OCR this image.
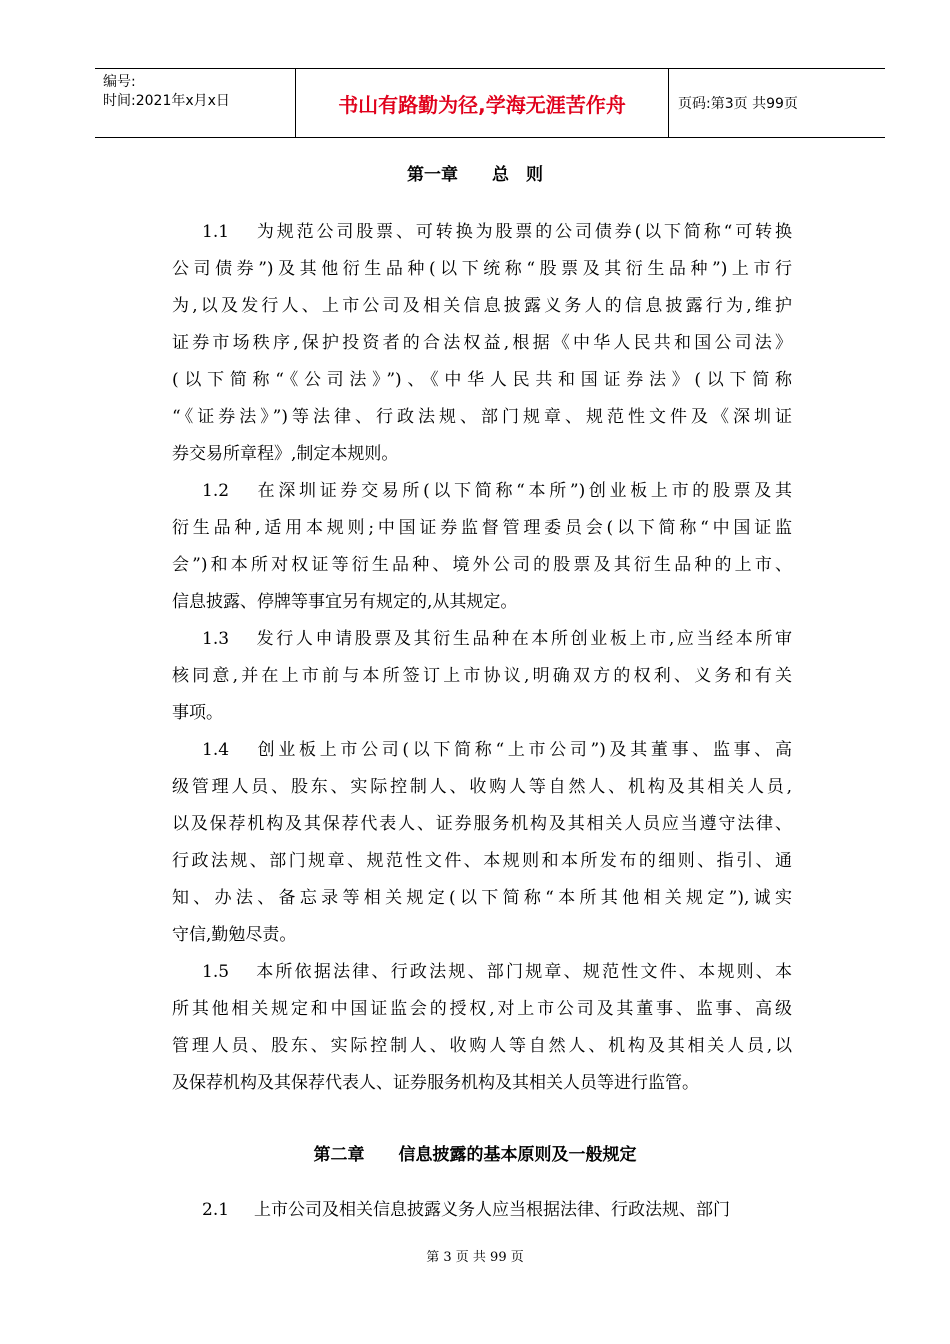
编号:
时间:2021年x月x日	书山有路勤为径,学海无涯苦作舟	页码:第3页 共99页
第一章　　总　则
1.1 为规范公司股票、可转换为股票的公司债券(以下简称“可转换
公司债券”)及其他衍生品种(以下统称“股票及其衍生品种”)上市行
为,以及发行人、上市公司及相关信息披露义务人的信息披露行为,维护
证券市场秩序,保护投资者的合法权益,根据《中华人民共和国公司法》
(以下简称“《公司法》”)、《中华人民共和国证券法》(以下简称
“《证券法》”)等法律、行政法规、部门规章、规范性文件及《深圳证
券交易所章程》,制定本规则。
1.2 在深圳证券交易所(以下简称“本所”)创业板上市的股票及其
衍生品种,适用本规则;中国证券监督管理委员会(以下简称“中国证监
会”)和本所对权证等衍生品种、境外公司的股票及其衍生品种的上市、
信息披露、停牌等事宜另有规定的,从其规定。
1.3 发行人申请股票及其衍生品种在本所创业板上市,应当经本所审
核同意,并在上市前与本所签订上市协议,明确双方的权利、义务和有关
事项。
1.4 创业板上市公司(以下简称“上市公司”)及其董事、监事、高
级管理人员、股东、实际控制人、收购人等自然人、机构及其相关人员,
以及保荐机构及其保荐代表人、证券服务机构及其相关人员应当遵守法律、
行政法规、部门规章、规范性文件、本规则和本所发布的细则、指引、通
知、办法、备忘录等相关规定(以下简称“本所其他相关规定”),诚实
守信,勤勉尽责。
1.5 本所依据法律、行政法规、部门规章、规范性文件、本规则、本
所其他相关规定和中国证监会的授权,对上市公司及其董事、监事、高级
管理人员、股东、实际控制人、收购人等自然人、机构及其相关人员,以
及保荐机构及其保荐代表人、证券服务机构及其相关人员等进行监管。
第二章　　信息披露的基本原则及一般规定
2.1 上市公司及相关信息披露义务人应当根据法律、行政法规、部门
第 3 页 共 99 页
